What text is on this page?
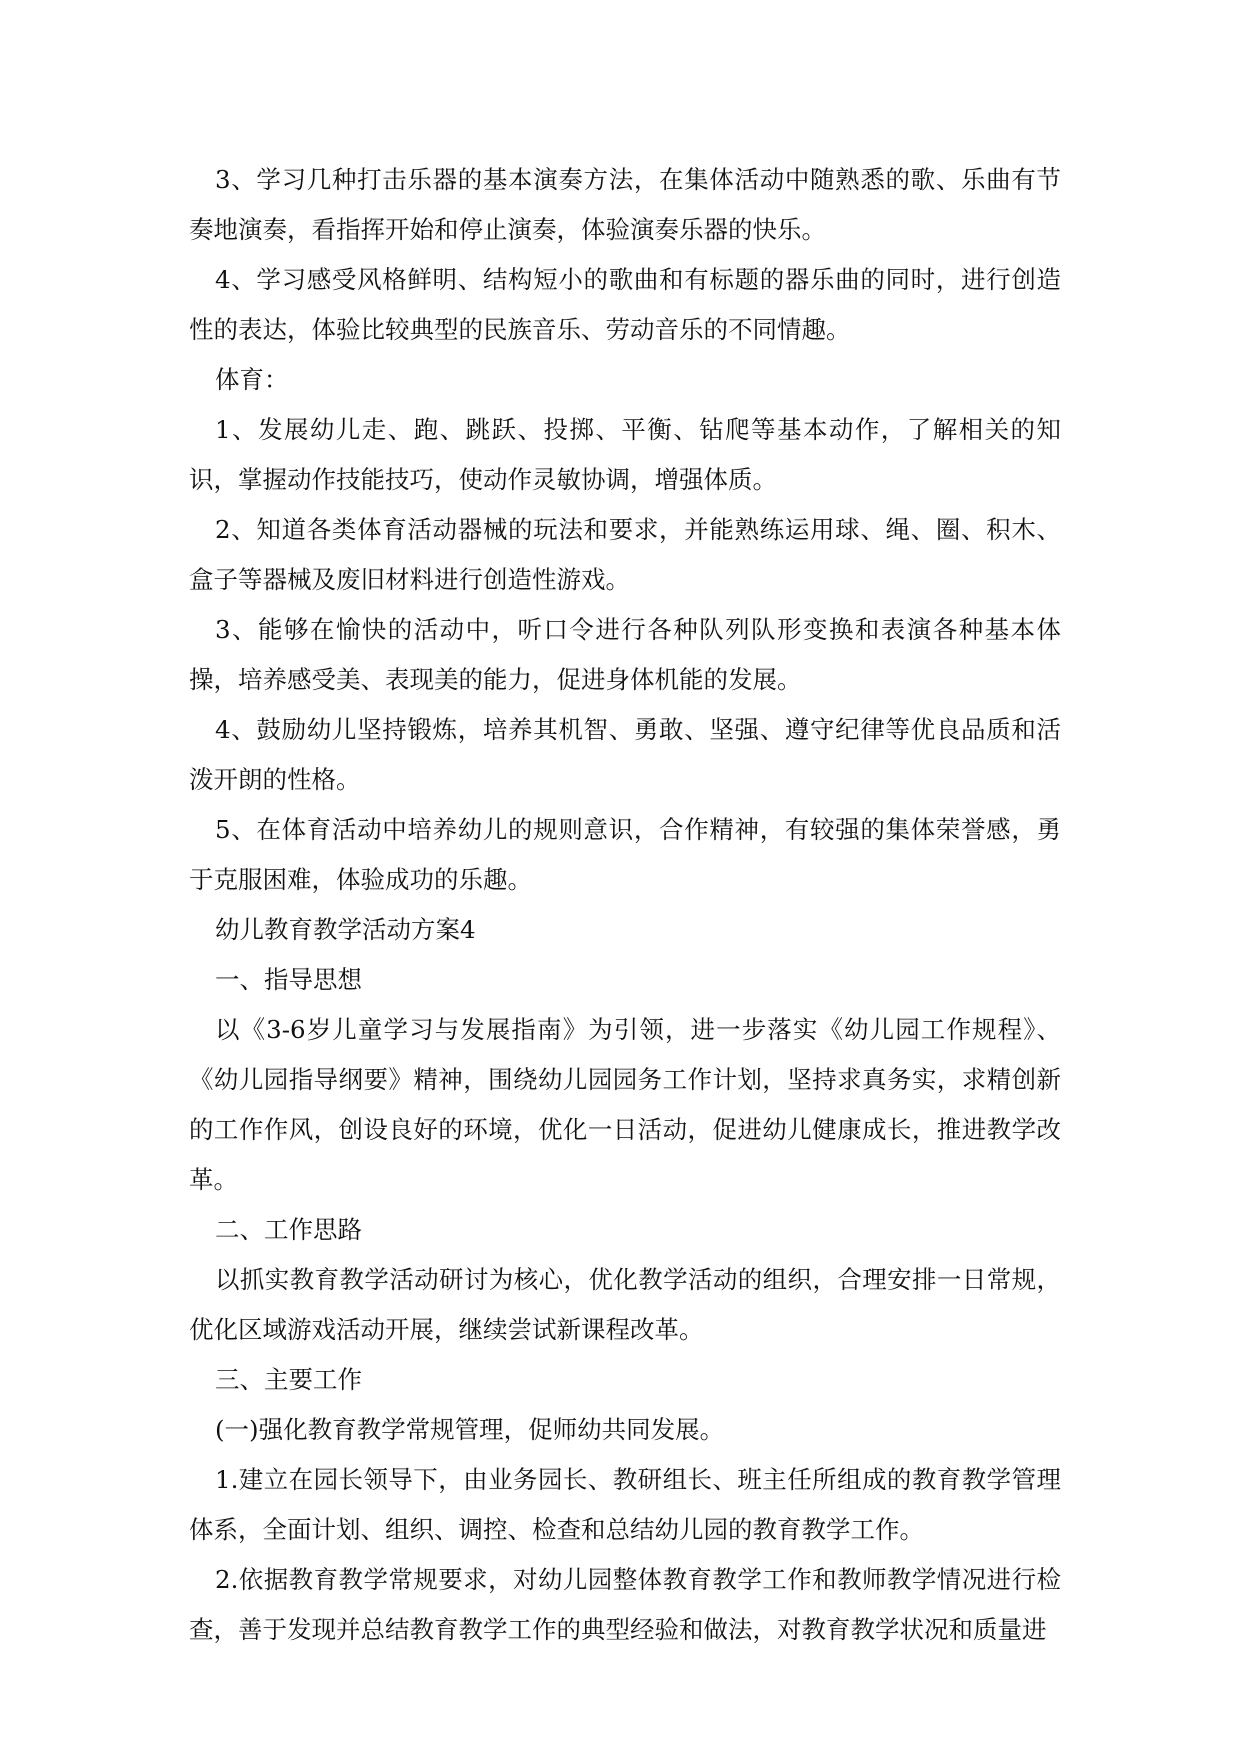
3、学习几种打击乐器的基本演奏方法，在集体活动中随熟悉的歌、乐曲有节奏地演奏，看指挥开始和停止演奏，体验演奏乐器的快乐。

4、学习感受风格鲜明、结构短小的歌曲和有标题的器乐曲的同时，进行创造性的表达，体验比较典型的民族音乐、劳动音乐的不同情趣。

体育：

1、发展幼儿走、跑、跳跃、投掷、平衡、钻爬等基本动作，了解相关的知识，掌握动作技能技巧，使动作灵敏协调，增强体质。

2、知道各类体育活动器械的玩法和要求，并能熟练运用球、绳、圈、积木、盒子等器械及废旧材料进行创造性游戏。

3、能够在愉快的活动中，听口令进行各种队列队形变换和表演各种基本体操，培养感受美、表现美的能力，促进身体机能的发展。

4、鼓励幼儿坚持锻炼，培养其机智、勇敢、坚强、遵守纪律等优良品质和活泼开朗的性格。

5、在体育活动中培养幼儿的规则意识，合作精神，有较强的集体荣誉感，勇于克服困难，体验成功的乐趣。

幼儿教育教学活动方案4

一、指导思想

以《3-6岁儿童学习与发展指南》为引领，进一步落实《幼儿园工作规程》、《幼儿园指导纲要》精神，围绕幼儿园园务工作计划，坚持求真务实，求精创新的工作作风，创设良好的环境，优化一日活动，促进幼儿健康成长，推进教学改革。

二、工作思路

以抓实教育教学活动研讨为核心，优化教学活动的组织，合理安排一日常规，优化区域游戏活动开展，继续尝试新课程改革。

三、主要工作

(一)强化教育教学常规管理，促师幼共同发展。

1.建立在园长领导下，由业务园长、教研组长、班主任所组成的教育教学管理体系，全面计划、组织、调控、检查和总结幼儿园的教育教学工作。

2.依据教育教学常规要求，对幼儿园整体教育教学工作和教师教学情况进行检查，善于发现并总结教育教学工作的典型经验和做法，对教育教学状况和质量进
